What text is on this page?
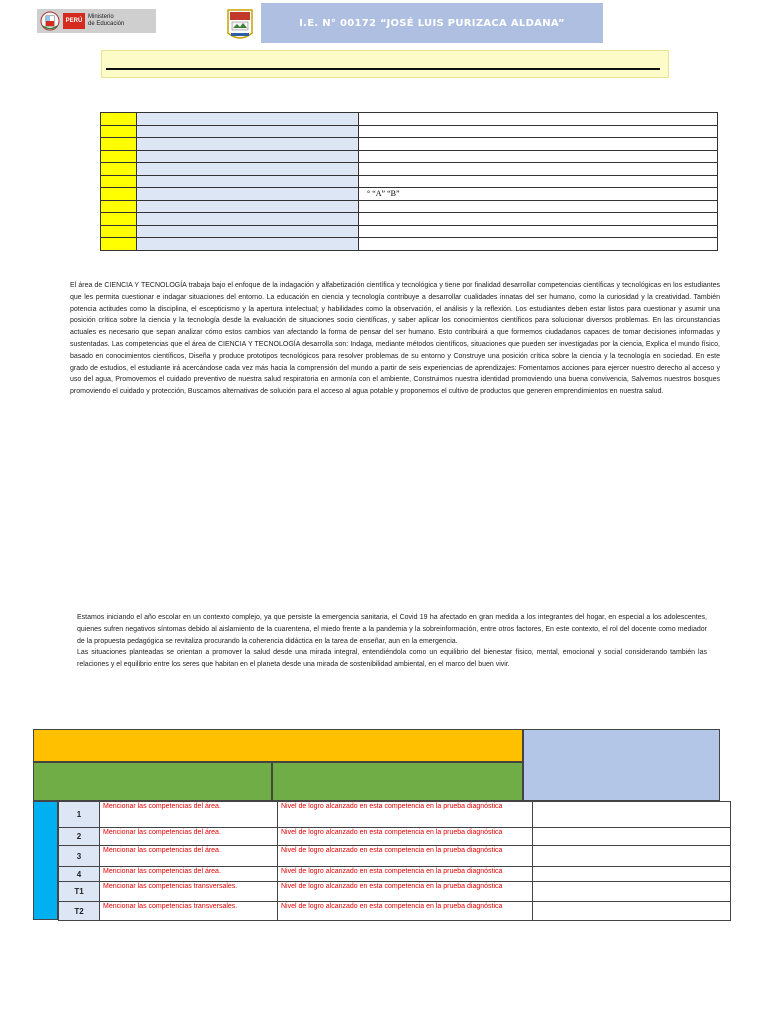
PERÚ
Ministerio
de Educación	I.E. N° 00172 “JOSÉ LUIS PURIZACA ALDANA”

		° “A” “B”

El área de CIENCIA Y TECNOLOGÍA trabaja bajo el enfoque de la indagación y alfabetización científica y tecnológica y tiene por finalidad desarrollar competencias científicas y tecnológicas en los estudiantes que les permita cuestionar e indagar situaciones del entorno. La educación en ciencia y tecnología contribuye a desarrollar cualidades innatas del ser humano, como la curiosidad y la creatividad. También potencia actitudes como la disciplina, el escepticismo y la apertura intelectual; y habilidades como la observación, el análisis y la reflexión. Los estudiantes deben estar listos para cuestionar y asumir una posición crítica sobre la ciencia y la tecnología desde la evaluación de situaciones socio científicas, y saber aplicar los conocimientos científicos para solucionar diversos problemas. En las circunstancias actuales es necesario que sepan analizar cómo estos cambios van afectando la forma de pensar del ser humano. Esto contribuirá a que formemos ciudadanos capaces de tomar decisiones informadas y sustentadas. Las competencias que el área de CIENCIA Y TECNOLOGÍA desarrolla son: Indaga, mediante métodos científicos, situaciones que pueden ser investigadas por la ciencia, Explica el mundo físico, basado en conocimientos científicos, Diseña y produce prototipos tecnológicos para resolver problemas de su entorno y Construye una posición crítica sobre la ciencia y la tecnología en sociedad. En este grado de estudios, el estudiante irá acercándose cada vez más hacia la comprensión del mundo a partir de seis experiencias de aprendizajes: Fomentamos acciones para ejercer nuestro derecho al acceso y uso del agua, Promovemos el cuidado preventivo de nuestra salud respiratoria en armonía con el ambiente, Construimos nuestra identidad promoviendo una buena convivencia, Salvemos nuestros bosques promoviendo el cuidado y protección, Buscamos alternativas de solución para el acceso al agua potable y proponemos el cultivo de productos que generen emprendimientos en nuestra salud.

Estamos iniciando el año escolar en un contexto complejo, ya que persiste la emergencia sanitaria, el Covid 19 ha afectado en gran medida a los integrantes del hogar, en especial a los adolescentes, quienes sufren negativos síntomas debido al aislamiento de la cuarentena, el miedo frente a la pandemia y la sobreinformación, entre otros factores, En este contexto, el rol del docente como mediador de la propuesta pedagógica se revitaliza procurando la coherencia didáctica en la tarea de enseñar, aun en la emergencia.

Las situaciones planteadas se orientan a promover la salud desde una mirada integral, entendiéndola como un equilibrio del bienestar físico, mental, emocional y social considerando también las relaciones y el equilibrio entre los seres que habitan en el planeta desde una mirada de sostenibilidad ambiental, en el marco del buen vivir.

1	Mencionar las competencias del área.	Nivel de logro alcanzado en esta competencia en la prueba diagnóstica	
2	Mencionar las competencias del área.	Nivel de logro alcanzado en esta competencia en la prueba diagnóstica	
3	Mencionar las competencias del área.	Nivel de logro alcanzado en esta competencia en la prueba diagnóstica	
4	Mencionar las competencias del área.	Nivel de logro alcanzado en esta competencia en la prueba diagnóstica	
T1	Mencionar las competencias transversales.	Nivel de logro alcanzado en esta competencia en la prueba diagnóstica	
T2	Mencionar las competencias transversales.	Nivel de logro alcanzado en esta competencia en la prueba diagnóstica	
